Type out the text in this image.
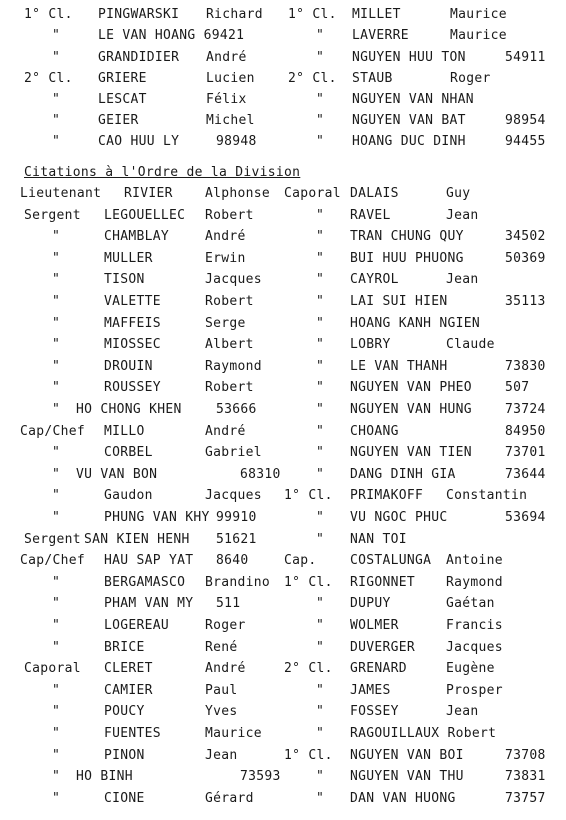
1° Cl. PINGWARSKI Richard 1° Cl. MILLET	Maurice
"	LE VAN HOANG 69421	" LAVERRE	Maurice
"	GRANDIDIER André	" NGUYEN HUU TON	54911
2° Cl. GRIERE	Lucien	2° Cl. STAUB	Roger
"	LESCAT	Félix	" NGUYEN VAN NHAN
"	GEIER	Michel	" NGUYEN VAN BAT	98954
"	CAO HUU LY	98948	" HOANG DUC DINH	94455
Citations à l'Ordre de la Division
Lieutenant RIVIER Alphonse Caporal DALAIS	Guy
Sergent LEGOUELLEC Robert	" RAVEL	Jean
"	CHAMBLAY	André	" TRAN CHUNG QUY	34502
"	MULLER	Erwin	" BUI HUU PHUONG	50369
"	TISON	Jacques	" CAYROL	Jean
"	VALETTE	Robert	" LAI SUI HIEN	35113
"	MAFFEIS	Serge	" HOANG KANH NGIEN
"	MIOSSEC	Albert	" LOBRY	Claude
"	DROUIN	Raymond	" LE VAN THANH	73830
"	ROUSSEY	Robert	" NGUYEN VAN PHEO	507
" HO CHONG KHEN	53666	" NGUYEN VAN HUNG	73724
Cap/Chef MILLO	André	" CHOANG	84950
"	CORBEL	Gabriel	" NGUYEN VAN TIEN	73701
" VU VAN BON	68310	" DANG DINH GIA	73644
"	Gaudon	Jacques 1° Cl. PRIMAKOFF Constantin
"	PHUNG VAN KHY 99910	" VU NGOC PHUC	53694
Sergent SAN KIEN HENH 51621	" NAN TOI
Cap/Chef HAU SAP YAT 8640	Cap.	COSTALUNGA Antoine
"	BERGAMASCO Brandino 1° Cl. RIGONNET Raymond
"	PHAM VAN MY 511	" DUPUY	Gaétan
"	LOGEREAU	Roger	" WOLMER	Francis
"	BRICE	René	" DUVERGER Jacques
Caporal CLERET	André	2° Cl. GRENARD	Eugène
"	CAMIER	Paul	" JAMES	Prosper
"	POUCY	Yves	" FOSSEY	Jean
"	FUENTES	Maurice	" RAGOUILLAUX Robert
"	PINON	Jean	1° Cl. NGUYEN VAN BOI	73708
" HO BINH	73593	" NGUYEN VAN THU	73831
"	CIONE	Gérard	" DAN VAN HUONG	73757
